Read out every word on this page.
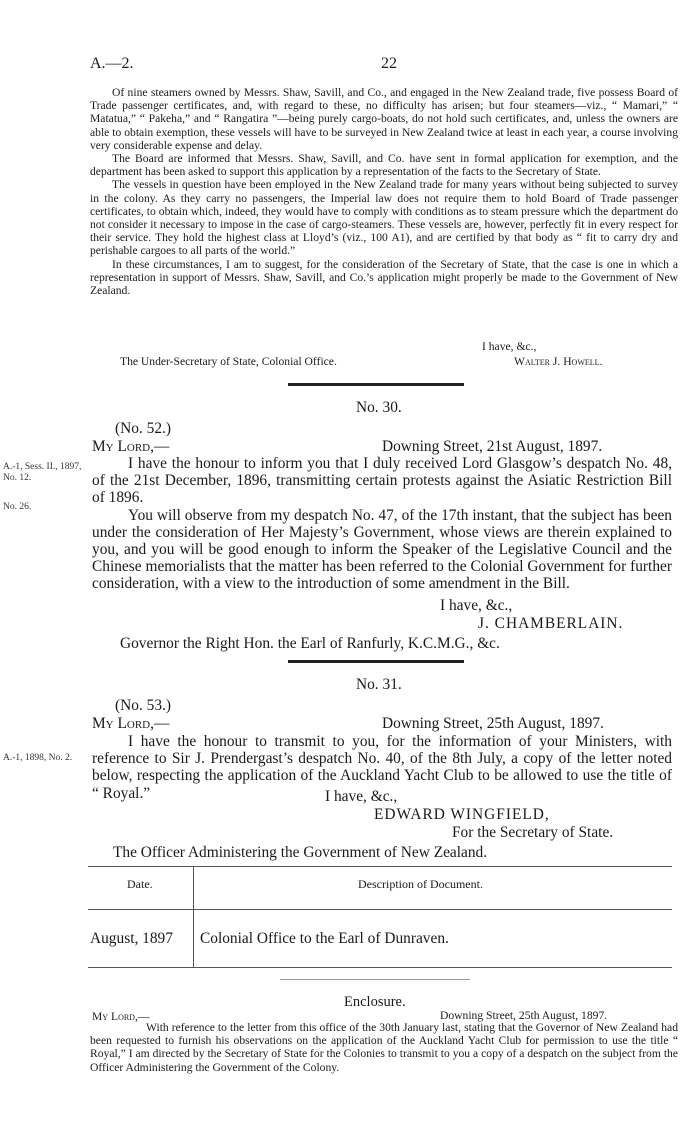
A.—2.	22

Of nine steamers owned by Messrs. Shaw, Savill, and Co., and engaged in the New Zealand trade, five possess Board of Trade passenger certificates, and, with regard to these, no difficulty has arisen; but four steamers—viz., “ Mamari,” “ Matatua,” “ Pakeha,” and “ Rangatira ”—being purely cargo-boats, do not hold such certificates, and, unless the owners are able to obtain exemption, these vessels will have to be surveyed in New Zealand twice at least in each year, a course involving very considerable expense and delay.

The Board are informed that Messrs. Shaw, Savill, and Co. have sent in formal application for exemption, and the department has been asked to support this application by a representation of the facts to the Secretary of State.

The vessels in question have been employed in the New Zealand trade for many years without being subjected to survey in the colony. As they carry no passengers, the Imperial law does not require them to hold Board of Trade passenger certificates, to obtain which, indeed, they would have to comply with conditions as to steam pressure which the department do not consider it necessary to impose in the case of cargo-steamers. These vessels are, however, perfectly fit in every respect for their service. They hold the highest class at Lloyd’s (viz., 100 A1), and are certified by that body as “ fit to carry dry and perishable cargoes to all parts of the world.”

In these circumstances, I am to suggest, for the consideration of the Secretary of State, that the case is one in which a representation in support of Messrs. Shaw, Savill, and Co.’s application might properly be made to the Government of New Zealand.

I have, &c.,
The Under-Secretary of State, Colonial Office.	Walter J. Howell.
No. 30.
(No. 52.)
My Lord,—	Downing Street, 21st August, 1897.
A.-1, Sess. II., 1897, No. 12.
No. 26.

I have the honour to inform you that I duly received Lord Glasgow’s despatch No. 48, of the 21st December, 1896, transmitting certain protests against the Asiatic Restriction Bill of 1896.

You will observe from my despatch No. 47, of the 17th instant, that the subject has been under the consideration of Her Majesty’s Government, whose views are therein explained to you, and you will be good enough to inform the Speaker of the Legislative Council and the Chinese memorialists that the matter has been referred to the Colonial Government for further consideration, with a view to the introduction of some amendment in the Bill.

I have, &c.,
J. CHAMBERLAIN.
Governor the Right Hon. the Earl of Ranfurly, K.C.M.G., &c.
No. 31.
(No. 53.)
My Lord,—	Downing Street, 25th August, 1897.
A.-1, 1898, No. 2.

I have the honour to transmit to you, for the information of your Ministers, with reference to Sir J. Prendergast’s despatch No. 40, of the 8th July, a copy of the letter noted below, respecting the application of the Auckland Yacht Club to be allowed to use the title of “ Royal.”	I have, &c.,
EDWARD WINGFIELD,
For the Secretary of State.
The Officer Administering the Government of New Zealand.
Date.	Description of Document.
August, 1897 Colonial Office to the Earl of Dunraven.
Enclosure.
My Lord,—	Downing Street, 25th August, 1897.

With reference to the letter from this office of the 30th January last, stating that the Governor of New Zealand had been requested to furnish his observations on the application of the Auckland Yacht Club for permission to use the title “ Royal,” I am directed by the Secretary of State for the Colonies to transmit to you a copy of a despatch on the subject from the Officer Administering the Government of the Colony.
